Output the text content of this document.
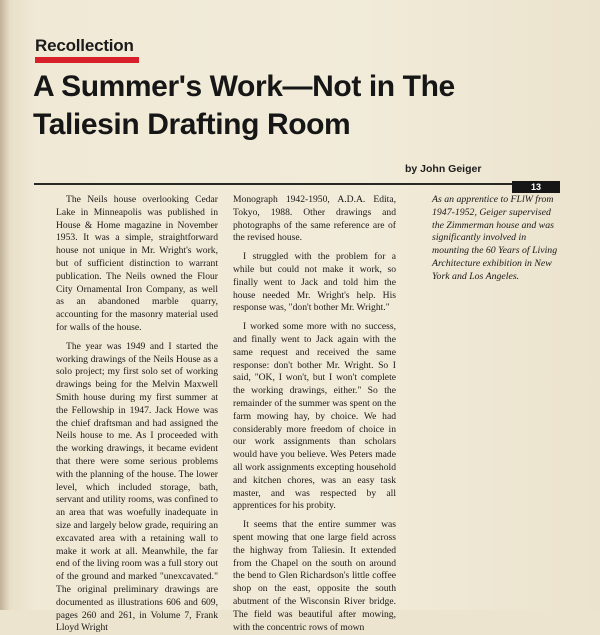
Recollection
A Summer's Work—Not in The Taliesin Drafting Room
by John Geiger
13

The Neils house overlooking Cedar Lake in Minneapolis was published in House & Home magazine in November 1953. It was a simple, straightforward house not unique in Mr. Wright's work, but of sufficient distinction to warrant publication. The Neils owned the Flour City Ornamental Iron Company, as well as an abandoned marble quarry, accounting for the masonry material used for walls of the house.

The year was 1949 and I started the working drawings of the Neils House as a solo project; my first solo set of working drawings being for the Melvin Maxwell Smith house during my first summer at the Fellowship in 1947. Jack Howe was the chief draftsman and had assigned the Neils house to me. As I proceeded with the working drawings, it became evident that there were some serious problems with the planning of the house. The lower level, which included storage, bath, servant and utility rooms, was confined to an area that was woefully inadequate in size and largely below grade, requiring an excavated area with a retaining wall to make it work at all. Meanwhile, the far end of the living room was a full story out of the ground and marked "unexcavated." The original preliminary drawings are documented as illustrations 606 and 609, pages 260 and 261, in Volume 7, Frank Lloyd Wright

Monograph 1942-1950, A.D.A. Edita, Tokyo, 1988. Other drawings and photographs of the same reference are of the revised house.

I struggled with the problem for a while but could not make it work, so finally went to Jack and told him the house needed Mr. Wright's help. His response was, "don't bother Mr. Wright."

I worked some more with no success, and finally went to Jack again with the same request and received the same response: don't bother Mr. Wright. So I said, "OK, I won't, but I won't complete the working drawings, either." So the remainder of the summer was spent on the farm mowing hay, by choice. We had considerably more freedom of choice in our work assignments than scholars would have you believe. Wes Peters made all work assignments excepting household and kitchen chores, was an easy task master, and was respected by all apprentices for his probity.

It seems that the entire summer was spent mowing that one large field across the highway from Taliesin. It extended from the Chapel on the south on around the bend to Glen Richardson's little coffee shop on the east, opposite the south abutment of the Wisconsin River bridge. The field was beautiful after mowing, with the concentric rows of mown

As an apprentice to FLlW from 1947-1952, Geiger supervised the Zimmerman house and was significantly involved in mounting the 60 Years of Living Architecture exhibition in New York and Los Angeles.
